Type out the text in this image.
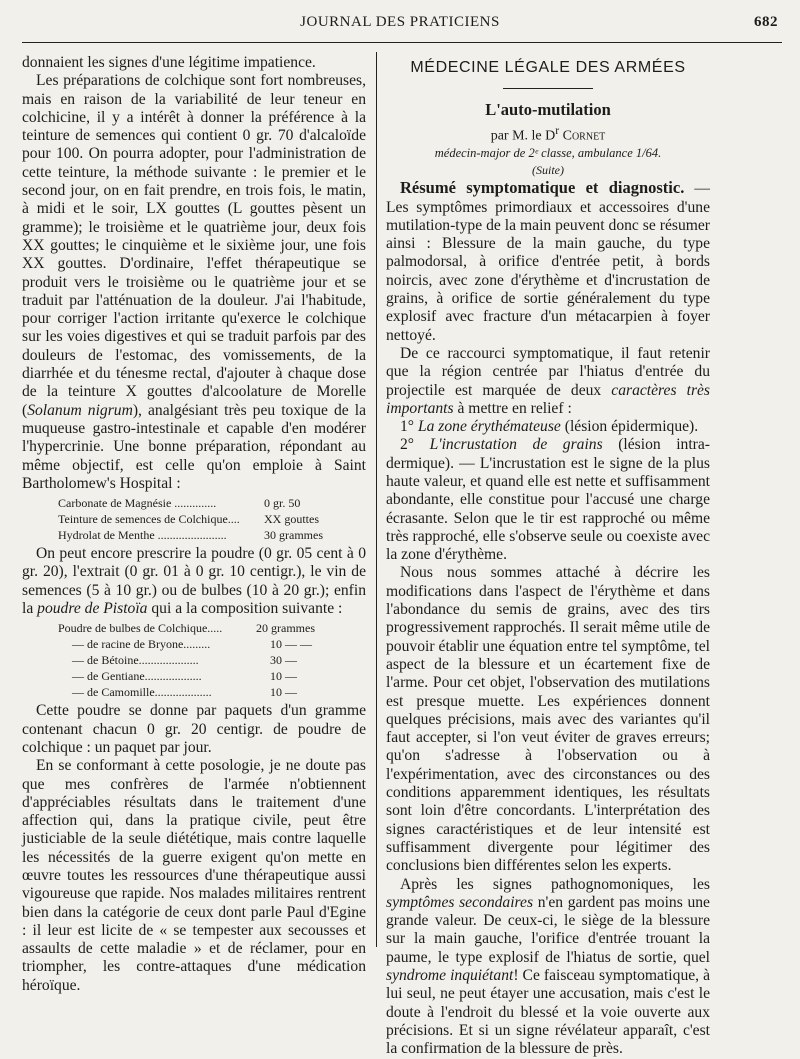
JOURNAL DES PRATICIENS	682

donnaient les signes d'une légitime impatience.

Les préparations de colchique sont fort nombreuses, mais en raison de la variabilité de leur teneur en colchicine, il y a intérêt à donner la préférence à la teinture de semences qui contient 0 gr. 70 d'alcaloïde pour 100. On pourra adopter, pour l'administration de cette teinture, la méthode suivante : le premier et le second jour, on en fait prendre, en trois fois, le matin, à midi et le soir, LX gouttes (L gouttes pèsent un gramme); le troisième et le quatrième jour, deux fois XX gouttes; le cinquième et le sixième jour, une fois XX gouttes. D'ordinaire, l'effet thérapeutique se produit vers le troisième ou le quatrième jour et se traduit par l'atténuation de la douleur. J'ai l'habitude, pour corriger l'action irritante qu'exerce le colchique sur les voies digestives et qui se traduit parfois par des douleurs de l'estomac, des vomissements, de la diarrhée et du ténesme rectal, d'ajouter à chaque dose de la teinture X gouttes d'alcoolature de Morelle (Solanum nigrum), analgésiant très peu toxique de la muqueuse gastro-intestinale et capable d'en modérer l'hypercrinie. Une bonne préparation, répondant au même objectif, est celle qu'on emploie à Saint Bartholomew's Hospital :

Carbonate de Magnésie ..............	0 gr. 50
Teinture de semences de Colchique....	XX gouttes
Hydrolat de Menthe .......................	30 grammes

On peut encore prescrire la poudre (0 gr. 05 cent à 0 gr. 20), l'extrait (0 gr. 01 à 0 gr. 10 centigr.), le vin de semences (5 à 10 gr.) ou de bulbes (10 à 20 gr.); enfin la poudre de Pistoïa qui a la composition suivante :

Poudre de bulbes de Colchique.....	20 grammes
— de racine de Bryone.........	10 — —
— de Bétoine....................	30 —
— de Gentiane...................	10 —
— de Camomille...................	10 —

Cette poudre se donne par paquets d'un gramme contenant chacun 0 gr. 20 centigr. de poudre de colchique : un paquet par jour.

En se conformant à cette posologie, je ne doute pas que mes confrères de l'armée n'obtiennent d'appréciables résultats dans le traitement d'une affection qui, dans la pratique civile, peut être justiciable de la seule diététique, mais contre laquelle les nécessités de la guerre exigent qu'on mette en œuvre toutes les ressources d'une thérapeutique aussi vigoureuse que rapide. Nos malades militaires rentrent bien dans la catégorie de ceux dont parle Paul d'Egine : il leur est licite de « se tempester aux secousses et assaults de cette maladie » et de réclamer, pour en triompher, les contre-attaques d'une médication héroïque.

MÉDECINE LÉGALE DES ARMÉES
L'auto-mutilation
par M. le $D^r$ Cornet
médecin-major de 2ᵉ classe, ambulance 1/64.
(Suite)

Résumé symptomatique et diagnostic. — Les symptômes primordiaux et accessoires d'une mutilation-type de la main peuvent donc se résumer ainsi : Blessure de la main gauche, du type palmodorsal, à orifice d'entrée petit, à bords noircis, avec zone d'érythème et d'incrustation de grains, à orifice de sortie généralement du type explosif avec fracture d'un métacarpien à foyer nettoyé.

De ce raccourci symptomatique, il faut retenir que la région centrée par l'hiatus d'entrée du projectile est marquée de deux caractères très importants à mettre en relief :

1° La zone érythémateuse (lésion épidermique).

2° L'incrustation de grains (lésion intra-dermique). — L'incrustation est le signe de la plus haute valeur, et quand elle est nette et suffisamment abondante, elle constitue pour l'accusé une charge écrasante. Selon que le tir est rapproché ou même très rapproché, elle s'observe seule ou coexiste avec la zone d'érythème.

Nous nous sommes attaché à décrire les modifications dans l'aspect de l'érythème et dans l'abondance du semis de grains, avec des tirs progressivement rapprochés. Il serait même utile de pouvoir établir une équation entre tel symptôme, tel aspect de la blessure et un écartement fixe de l'arme. Pour cet objet, l'observation des mutilations est presque muette. Les expériences donnent quelques précisions, mais avec des variantes qu'il faut accepter, si l'on veut éviter de graves erreurs; qu'on s'adresse à l'observation ou à l'expérimentation, avec des circonstances ou des conditions apparemment identiques, les résultats sont loin d'être concordants. L'interprétation des signes caractéristiques et de leur intensité est suffisamment divergente pour légitimer des conclusions bien différentes selon les experts.

Après les signes pathognomoniques, les symptômes secondaires n'en gardent pas moins une grande valeur. De ceux-ci, le siège de la blessure sur la main gauche, l'orifice d'entrée trouant la paume, le type explosif de l'hiatus de sortie, quel syndrome inquiétant! Ce faisceau symptomatique, à lui seul, ne peut étayer une accusation, mais c'est le doute à l'endroit du blessé et la voie ouverte aux précisions. Et si un signe révélateur apparaît, c'est la confirmation de la blessure de près.
